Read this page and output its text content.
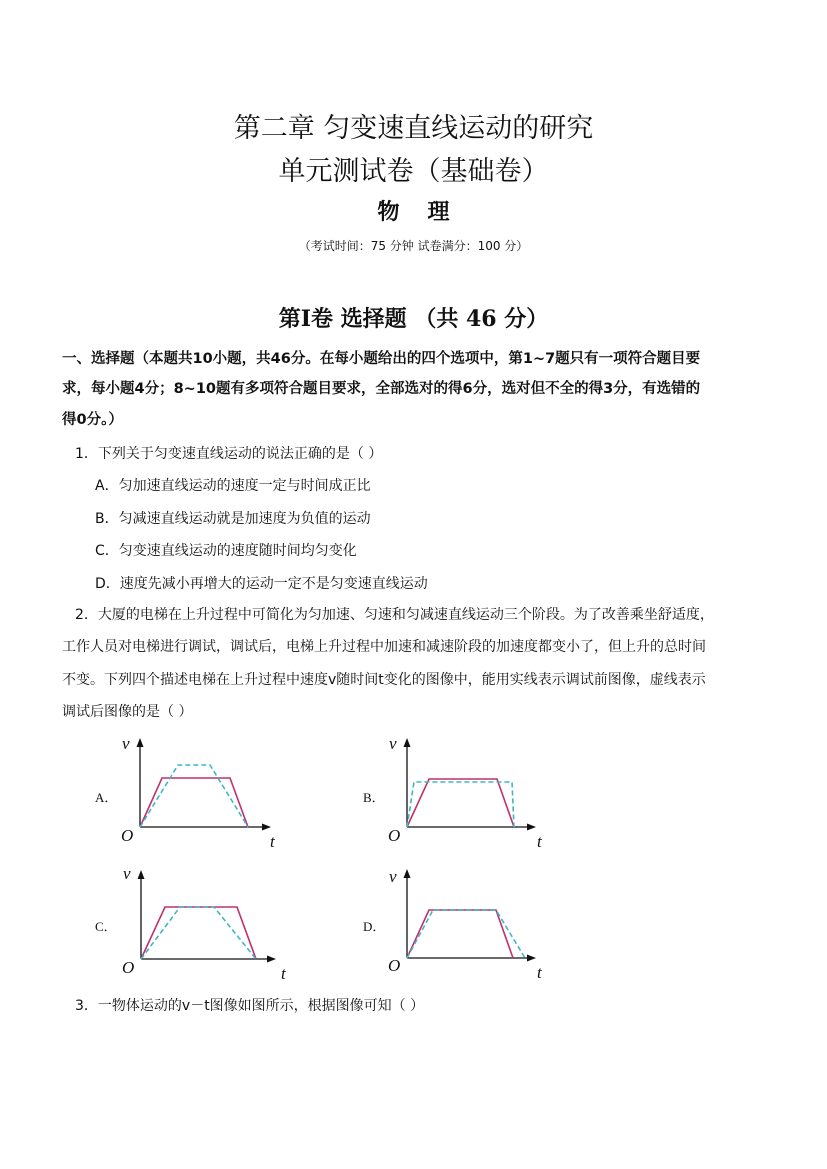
第二章 匀变速直线运动的研究
单元测试卷（基础卷）
物理
（考试时间：75 分钟 试卷满分：100 分）
第Ⅰ卷 选择题 （共 46 分）
一、选择题（本题共10小题，共46分。在每小题给出的四个选项中，第1~7题只有一项符合题目要
求，每小题4分；8~10题有多项符合题目要求，全部选对的得6分，选对但不全的得3分，有选错的
得0分。）
1．下列关于匀变速直线运动的说法正确的是（ ）
A．匀加速直线运动的速度一定与时间成正比
B．匀减速直线运动就是加速度为负值的运动
C．匀变速直线运动的速度随时间均匀变化
D．速度先减小再增大的运动一定不是匀变速直线运动
2．大厦的电梯在上升过程中可简化为匀加速、匀速和匀减速直线运动三个阶段。为了改善乘坐舒适度，
工作人员对电梯进行调试，调试后，电梯上升过程中加速和减速阶段的加速度都变小了，但上升的总时间
不变。下列四个描述电梯在上升过程中速度v随时间t变化的图像中，能用实线表示调试前图像，虚线表示
调试后图像的是（ ）
A．	B．
C．	D．
v
O	t
v
O	t
v
O	t
v
O	t
3．一物体运动的v－t图像如图所示，根据图像可知（ ）
